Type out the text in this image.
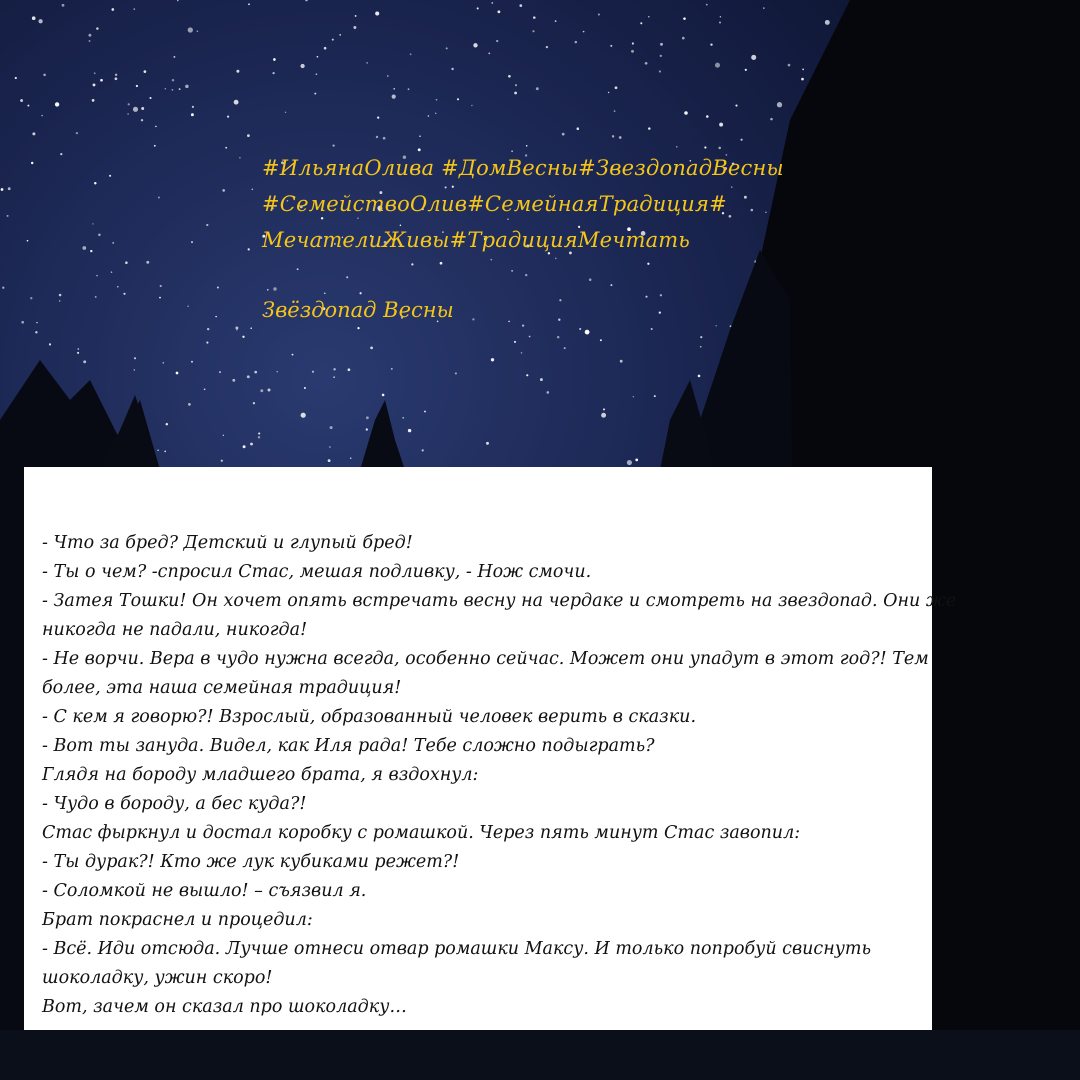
#ИльянаОлива #ДомВесны#ЗвездопадВесны
#СемействоОлив#СемейнаяТрадиция#
МечателиЖивы#ТрадицияМечтать
Звёздопад Весны
- Что за бред? Детский и глупый бред!
- Ты о чем? -спросил Стас, мешая подливку, - Нож смочи.
- Затея Тошки! Он хочет опять встречать весну на чердаке и смотреть на звездопад. Они же
никогда не падали, никогда!
- Не ворчи. Вера в чудо нужна всегда, особенно сейчас. Может они упадут в этот год?! Тем
более, эта наша семейная традиция!
- С кем я говорю?! Взрослый, образованный человек верить в сказки.
- Вот ты зануда. Видел, как Иля рада! Тебе сложно подыграть?
Глядя на бороду младшего брата, я вздохнул:
- Чудо в бороду, а бес куда?!
Стас фыркнул и достал коробку с ромашкой. Через пять минут Стас завопил:
- Ты дурак?! Кто же лук кубиками режет?!
- Соломкой не вышло! – съязвил я.
Брат покраснел и процедил:
- Всё. Иди отсюда. Лучше отнеси отвар ромашки Максу. И только попробуй свиснуть
шоколадку, ужин скоро!
Вот, зачем он сказал про шоколадку…
